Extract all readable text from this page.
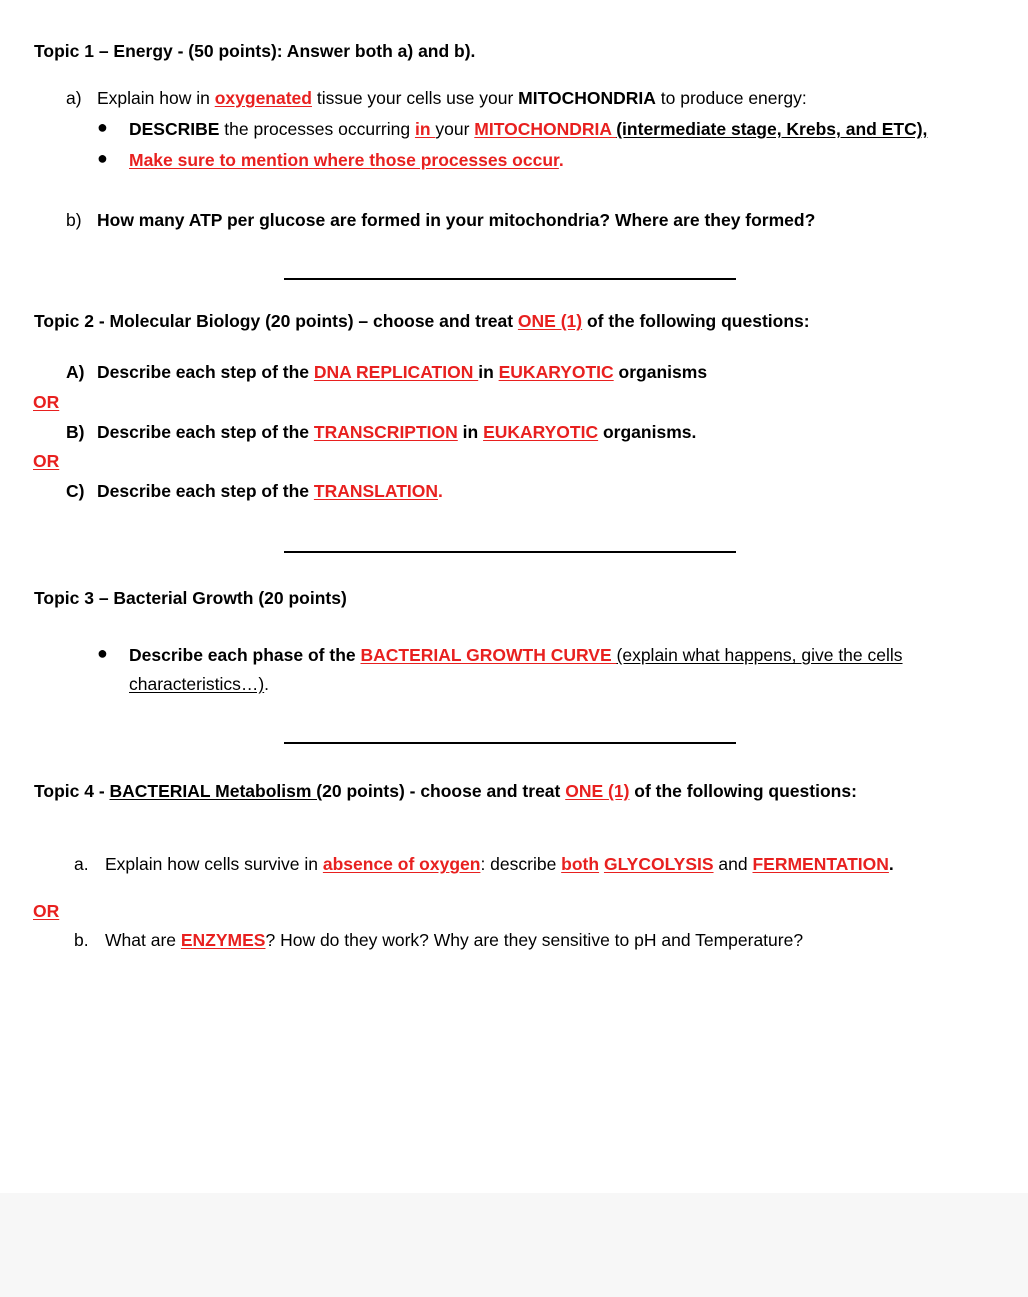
Topic 1 – Energy - (50 points): Answer both a) and b).
a) Explain how in oxygenated tissue your cells use your MITOCHONDRIA to produce energy:
● DESCRIBE the processes occurring in your MITOCHONDRIA (intermediate stage, Krebs, and ETC),
● Make sure to mention where those processes occur.
b) How many ATP per glucose are formed in your mitochondria? Where are they formed?
Topic 2 - Molecular Biology (20 points) – choose and treat ONE (1) of the following questions:
A) Describe each step of the DNA REPLICATION in EUKARYOTIC organisms
OR
B) Describe each step of the TRANSCRIPTION in EUKARYOTIC organisms.
OR
C) Describe each step of the TRANSLATION.
Topic 3 – Bacterial Growth (20 points)
● Describe each phase of the BACTERIAL GROWTH CURVE (explain what happens, give the cells
characteristics…).
Topic 4 - BACTERIAL Metabolism (20 points) - choose and treat ONE (1) of the following questions:
a. Explain how cells survive in absence of oxygen: describe both GLYCOLYSIS and FERMENTATION.
OR
b. What are ENZYMES? How do they work? Why are they sensitive to pH and Temperature?
